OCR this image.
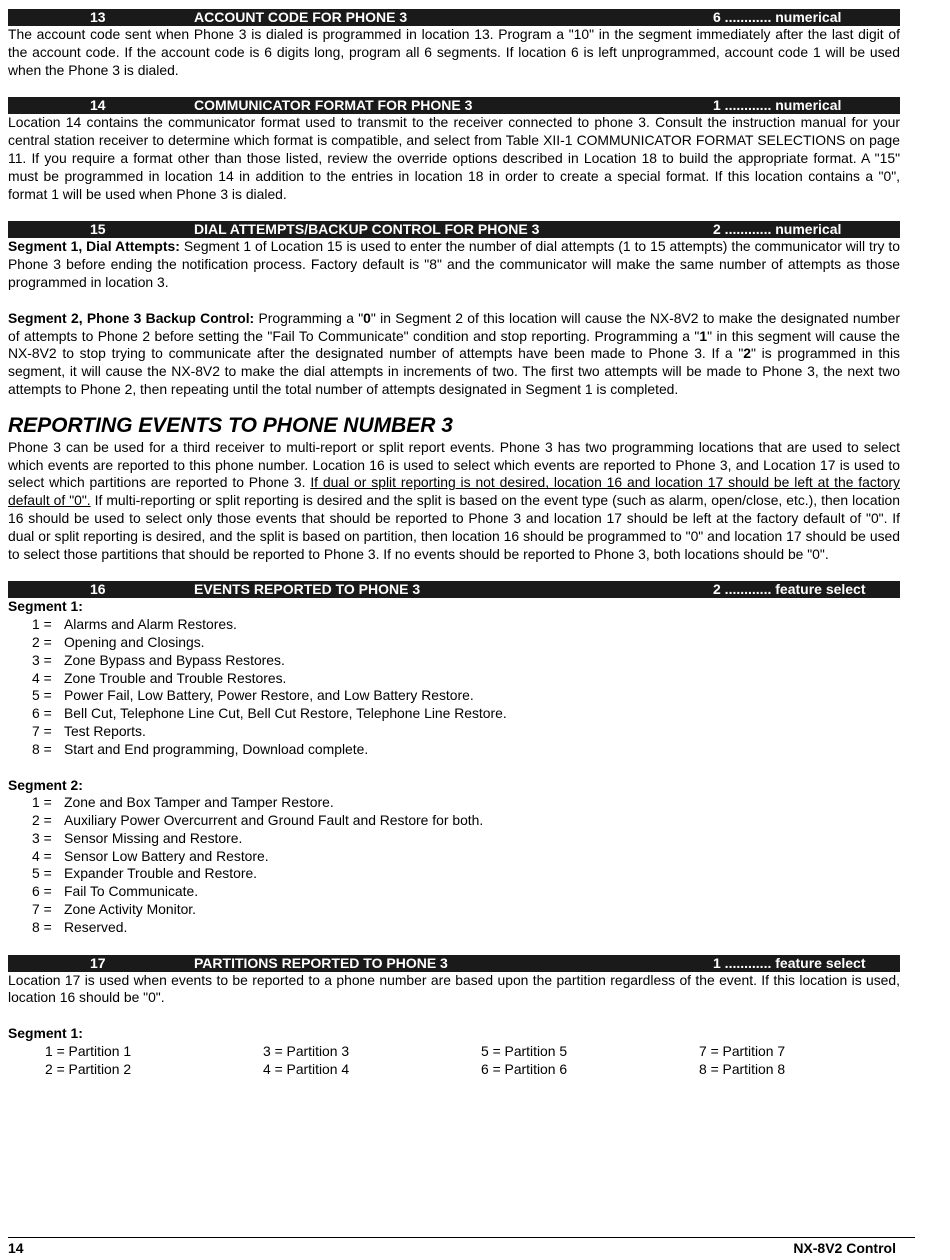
13	ACCOUNT CODE FOR PHONE 3	6 ............ numerical

The account code sent when Phone 3 is dialed is programmed in location 13. Program a "10" in the segment immediately after the last digit of the account code. If the account code is 6 digits long, program all 6 segments. If location 6 is left unprogrammed, account code 1 will be used when the Phone 3 is dialed.

14	COMMUNICATOR FORMAT FOR PHONE 3	1 ............ numerical

Location 14 contains the communicator format used to transmit to the receiver connected to phone 3. Consult the instruction manual for your central station receiver to determine which format is compatible, and select from Table XII-1 COMMUNICATOR FORMAT SELECTIONS on page 11. If you require a format other than those listed, review the override options described in Location 18 to build the appropriate format. A "15" must be programmed in location 14 in addition to the entries in location 18 in order to create a special format. If this location contains a "0", format 1 will be used when Phone 3 is dialed.

15	DIAL ATTEMPTS/BACKUP CONTROL FOR PHONE 3	2 ............ numerical

Segment 1, Dial Attempts: Segment 1 of Location 15 is used to enter the number of dial attempts (1 to 15 attempts) the communicator will try to Phone 3 before ending the notification process. Factory default is "8" and the communicator will make the same number of attempts as those programmed in location 3.

Segment 2, Phone 3 Backup Control: Programming a "0" in Segment 2 of this location will cause the NX-8V2 to make the designated number of attempts to Phone 2 before setting the "Fail To Communicate" condition and stop reporting. Programming a "1" in this segment will cause the NX-8V2 to stop trying to communicate after the designated number of attempts have been made to Phone 3. If a "2" is programmed in this segment, it will cause the NX-8V2 to make the dial attempts in increments of two. The first two attempts will be made to Phone 3, the next two attempts to Phone 2, then repeating until the total number of attempts designated in Segment 1 is completed.

REPORTING EVENTS TO PHONE NUMBER 3

Phone 3 can be used for a third receiver to multi-report or split report events. Phone 3 has two programming locations that are used to select which events are reported to this phone number. Location 16 is used to select which events are reported to Phone 3, and Location 17 is used to select which partitions are reported to Phone 3. If dual or split reporting is not desired, location 16 and location 17 should be left at the factory default of "0". If multi-reporting or split reporting is desired and the split is based on the event type (such as alarm, open/close, etc.), then location 16 should be used to select only those events that should be reported to Phone 3 and location 17 should be left at the factory default of "0". If dual or split reporting is desired, and the split is based on partition, then location 16 should be programmed to "0" and location 17 should be used to select those partitions that should be reported to Phone 3. If no events should be reported to Phone 3, both locations should be "0".

16	EVENTS REPORTED TO PHONE 3	2 ............ feature select
Segment 1:
1 = Alarms and Alarm Restores.
2 = Opening and Closings.
3 = Zone Bypass and Bypass Restores.
4 = Zone Trouble and Trouble Restores.
5 = Power Fail, Low Battery, Power Restore, and Low Battery Restore.
6 = Bell Cut, Telephone Line Cut, Bell Cut Restore, Telephone Line Restore.
7 = Test Reports.
8 = Start and End programming, Download complete.
Segment 2:
1 = Zone and Box Tamper and Tamper Restore.
2 = Auxiliary Power Overcurrent and Ground Fault and Restore for both.
3 = Sensor Missing and Restore.
4 = Sensor Low Battery and Restore.
5 = Expander Trouble and Restore.
6 = Fail To Communicate.
7 = Zone Activity Monitor.
8 = Reserved.
17	PARTITIONS REPORTED TO PHONE 3	1 ............ feature select

Location 17 is used when events to be reported to a phone number are based upon the partition regardless of the event. If this location is used, location 16 should be "0".

Segment 1:
1 = Partition 1	3 = Partition 3	5 = Partition 5	7 = Partition 7
2 = Partition 2	4 = Partition 4	6 = Partition 6	8 = Partition 8
14	NX-8V2 Control
